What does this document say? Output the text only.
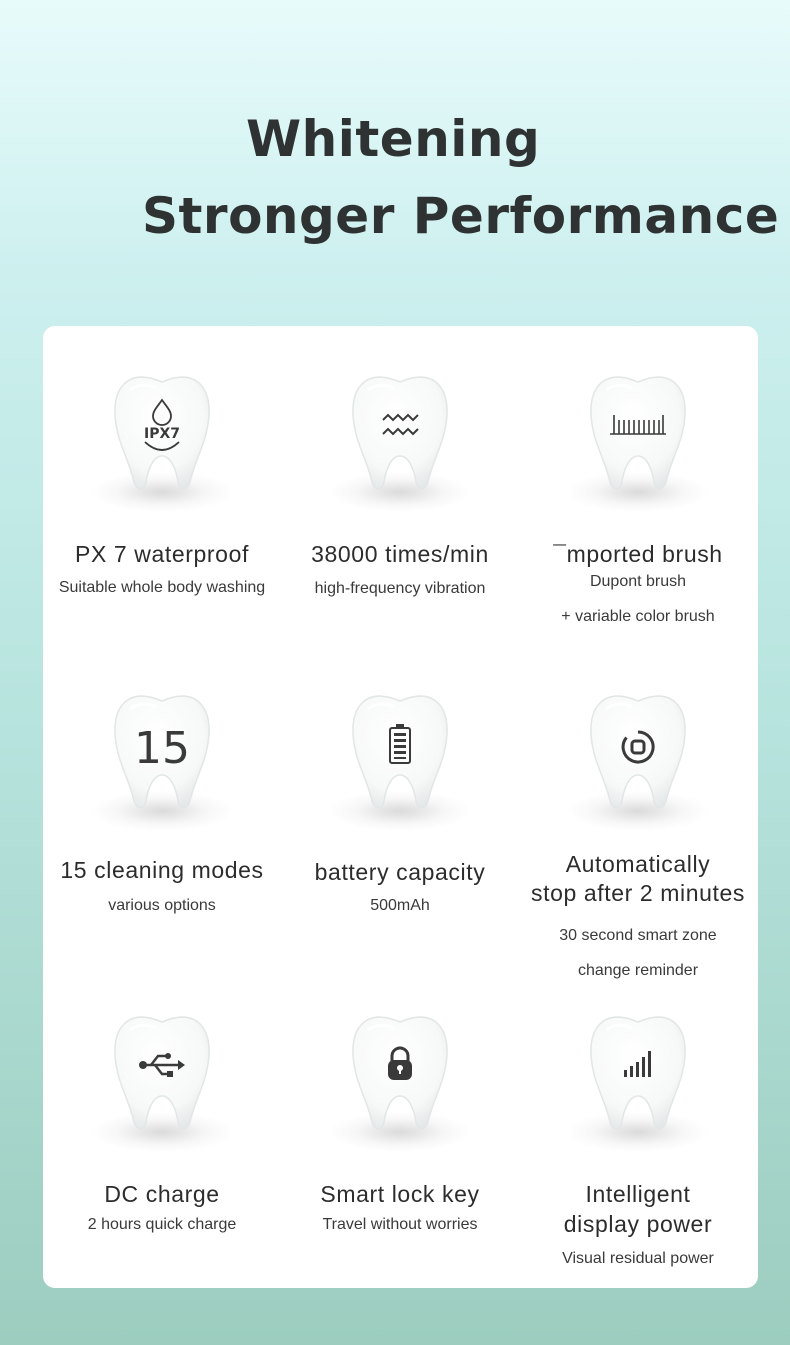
Whitening
Stronger Performance
IPX7
PX 7 waterproof
Suitable whole body washing
38000 times/min
high-frequency vibration
¯mported brush
Dupont brush
+ variable color brush
15
15 cleaning modes
various options
battery capacity
500mAh
Automatically
stop after 2 minutes
30 second smart zone
change reminder
DC charge
2 hours quick charge
Smart lock key
Travel without worries
Intelligent
display power
Visual residual power
